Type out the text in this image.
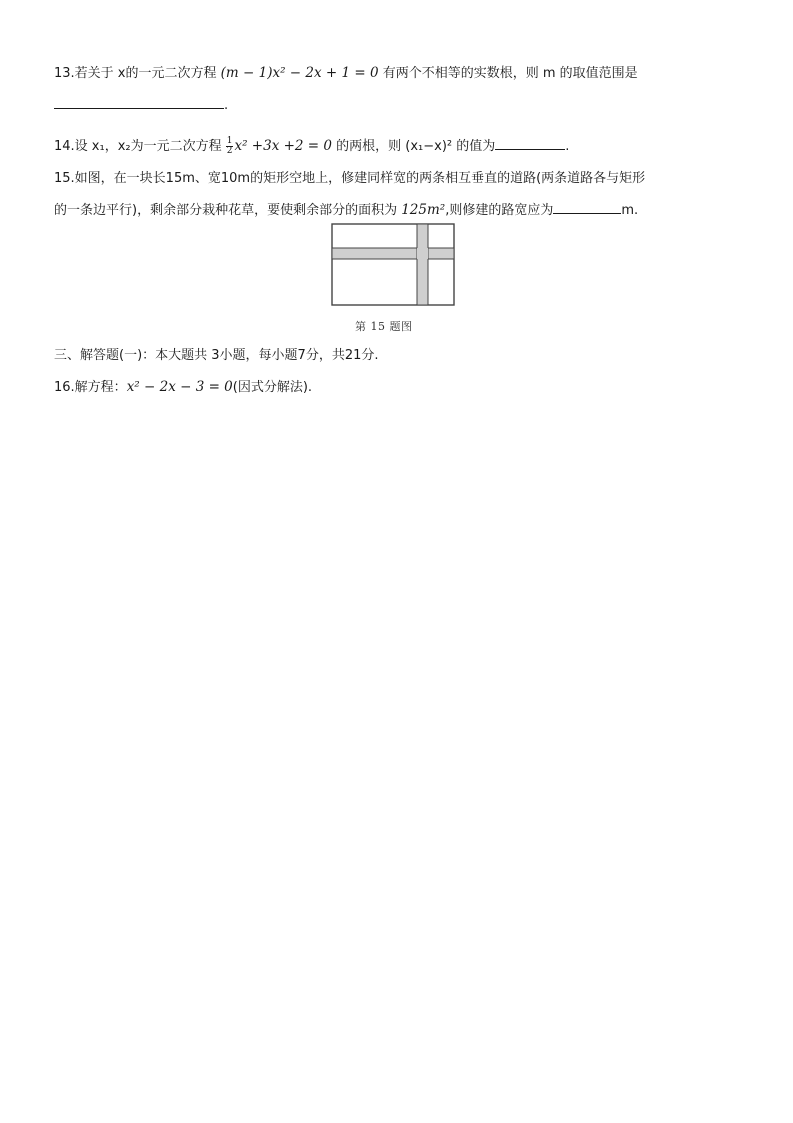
13.若关于 x的一元二次方程 (m − 1)x² − 2x + 1 = 0 有两个不相等的实数根，则 m 的取值范围是
.
14.设 x₁，x₂为一元二次方程 $\frac{1}{2} x^2 +3x +2 = 0$ 的两根，则 (x₁−x)² 的值为	.
15.如图，在一块长15m、宽10m的矩形空地上，修建同样宽的两条相互垂直的道路(两条道路各与矩形
的一条边平行)，剩余部分栽种花草，要使剩余部分的面积为 125m²,则修建的路宽应为	m.
第 15 题图
三、解答题(一)：本大题共 3小题，每小题7分，共21分.
16.解方程：x² − 2x − 3 = 0(因式分解法).
